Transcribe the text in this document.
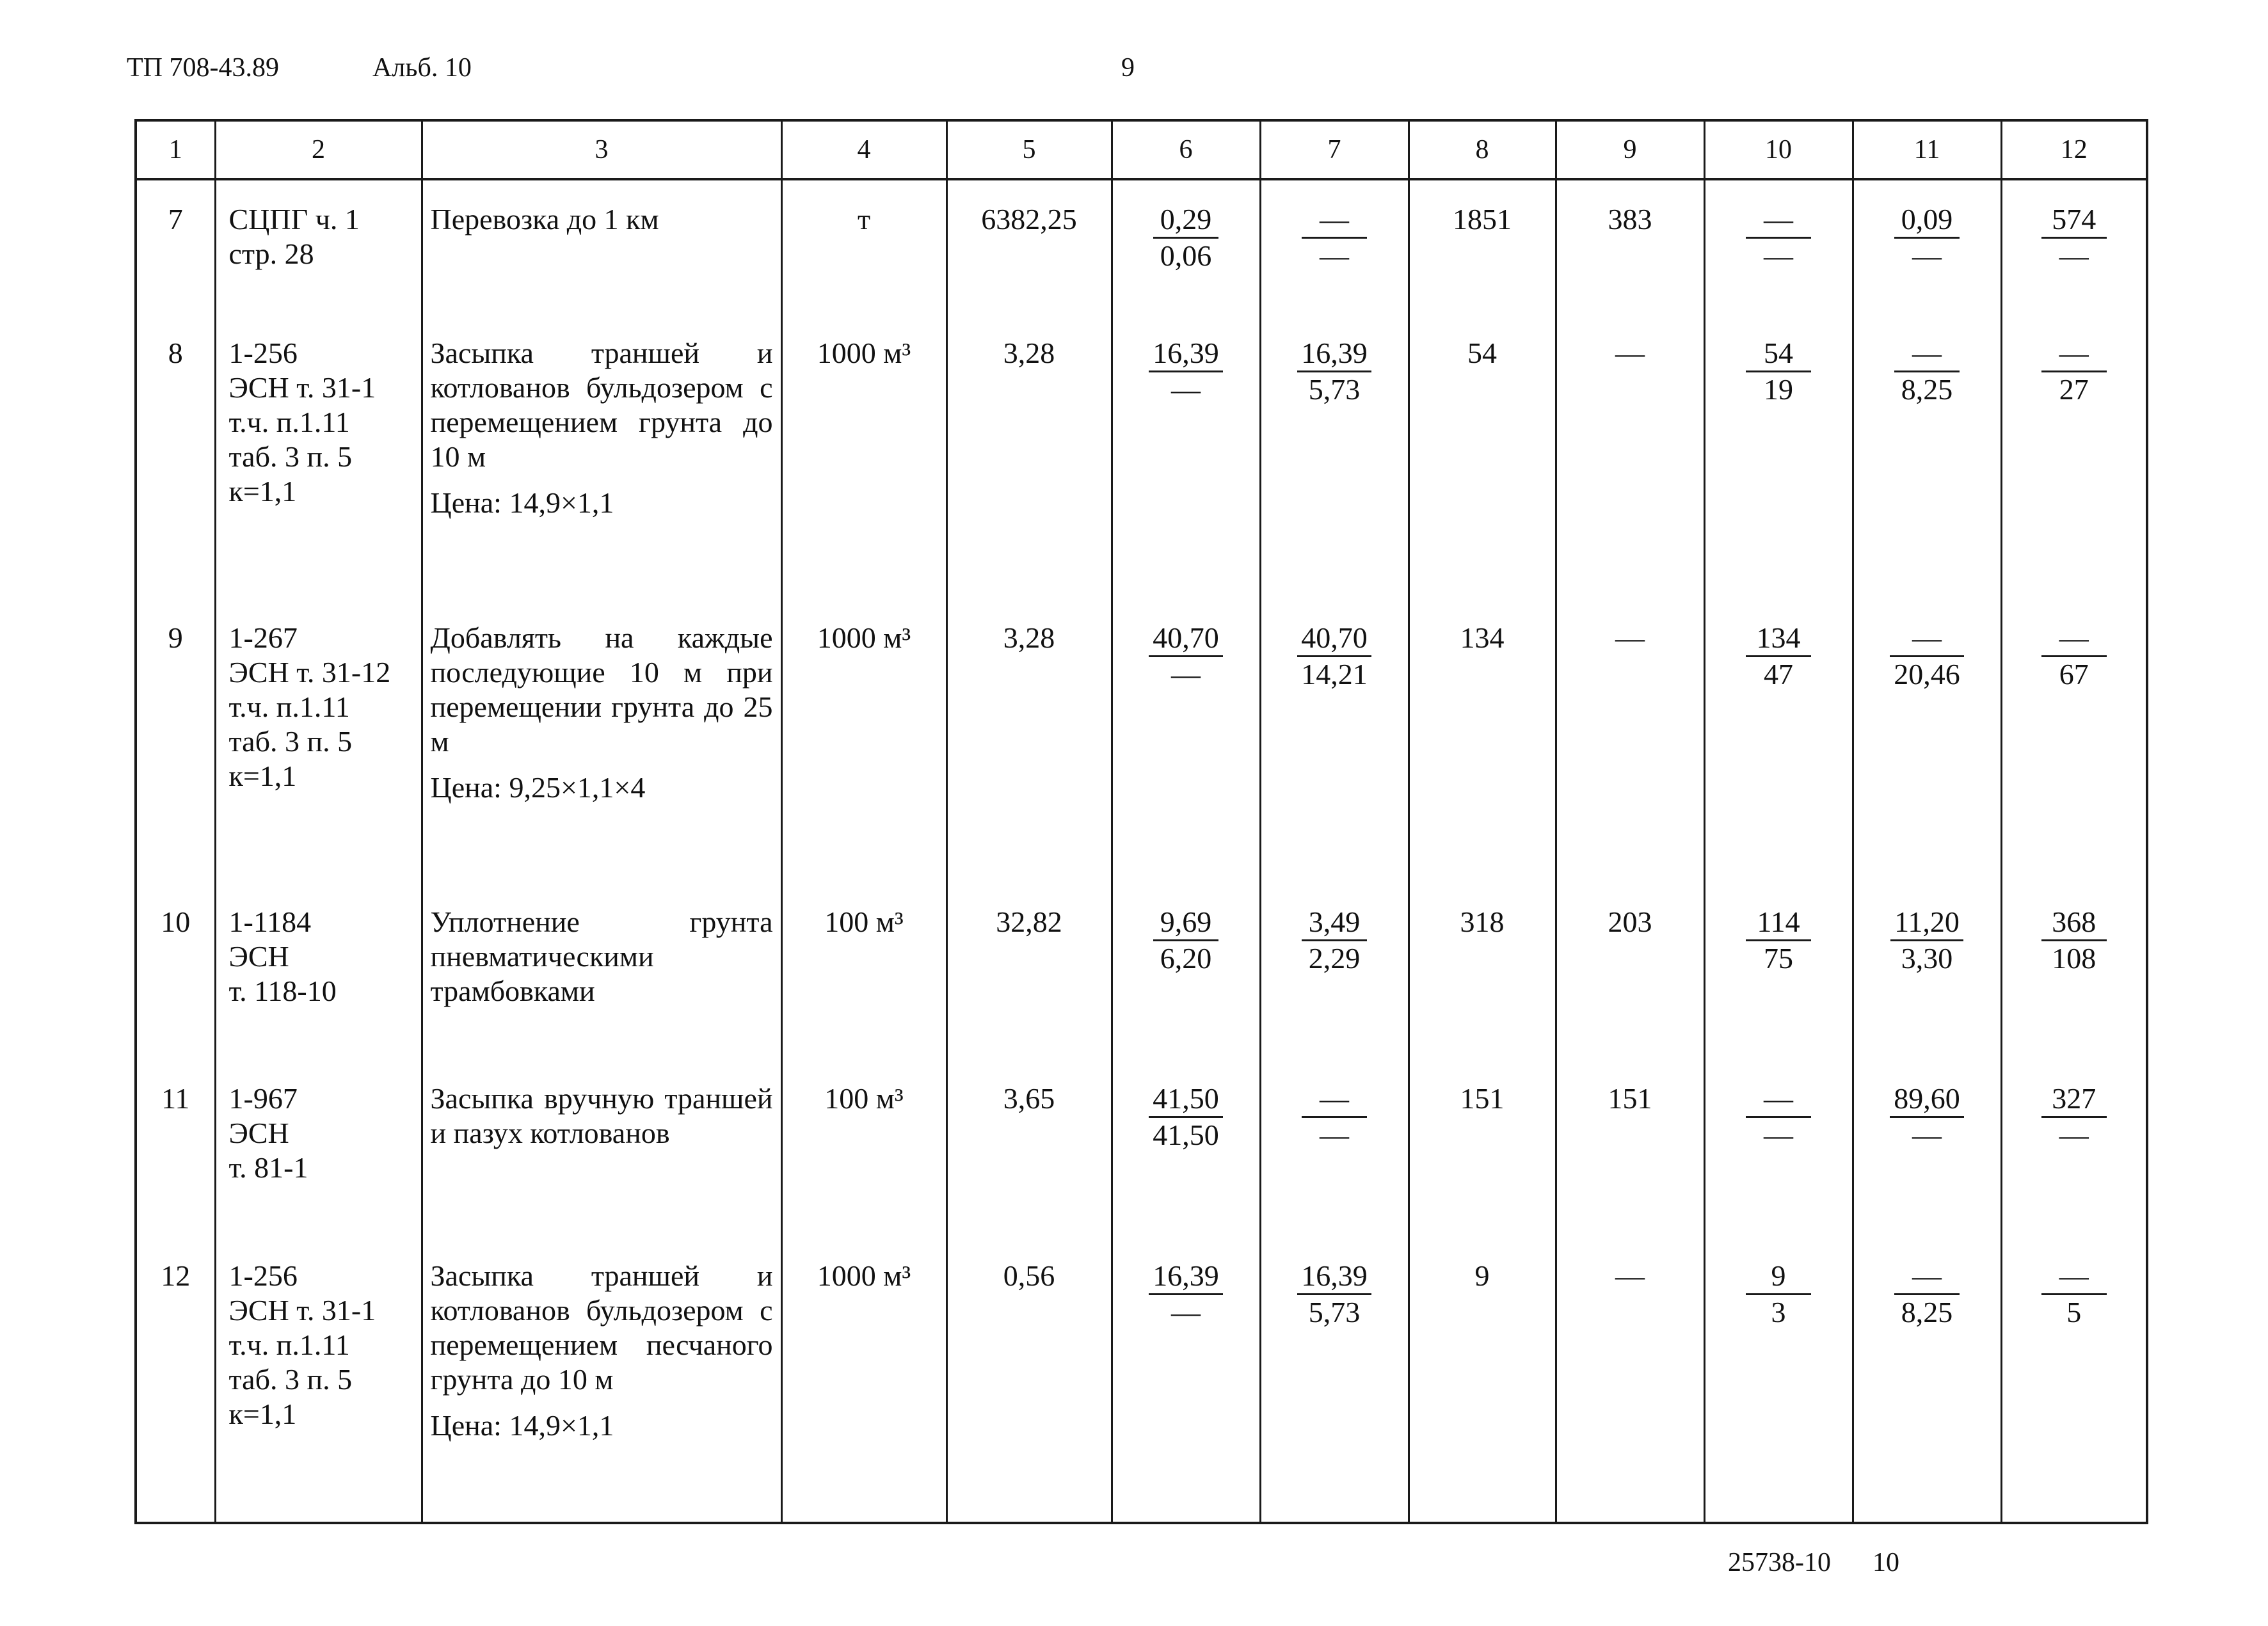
ТП 708-43.89	Альб. 10	9
1	2	3	4	5	6	7	8	9	10	11	12
7	СЦПГ ч. 1
стр. 28	Перевозка до 1 км	т	6382,25	$\frac{0,29}{0,06}$	$\frac{—}{—}$	1851	383	$\frac{—}{—}$	$\frac{0,09}{—}$	$\frac{574}{—}$

8	1-256
ЭСН т. 31-1
т.ч. п.1.11
таб. 3 п. 5
к=1,1	Засыпка траншей и котлованов бульдозером с перемещением грунта до 10 м
Цена: 14,9×1,1	1000 м³	3,28	$\frac{16,39}{—}$	$\frac{16,39}{5,73}$	54	—	$\frac{54}{19}$	$\frac{—}{8,25}$	$\frac{—}{27}$

9	1-267
ЭСН т. 31-12
т.ч. п.1.11
таб. 3 п. 5
к=1,1	Добавлять на каждые последующие 10 м при перемещении грунта до 25 м
Цена: 9,25×1,1×4	1000 м³	3,28	$\frac{40,70}{—}$	$\frac{40,70}{14,21}$	134	—	$\frac{134}{47}$	$\frac{—}{20,46}$	$\frac{—}{67}$

10	1-1184
ЭСН
т. 118-10	Уплотнение грунта пневматическими трамбовками	100 м³	32,82	$\frac{9,69}{6,20}$	$\frac{3,49}{2,29}$	318	203	$\frac{114}{75}$	$\frac{11,20}{3,30}$	$\frac{368}{108}$

11	1-967
ЭСН
т. 81-1	Засыпка вручную траншей и пазух котлованов	100 м³	3,65	$\frac{41,50}{41,50}$	$\frac{—}{—}$	151	151	$\frac{—}{—}$	$\frac{89,60}{—}$	$\frac{327}{—}$

12	1-256
ЭСН т. 31-1
т.ч. п.1.11
таб. 3 п. 5
к=1,1	Засыпка траншей и котлованов бульдозером с перемещением песчаного грунта до 10 м
Цена: 14,9×1,1	1000 м³	0,56	$\frac{16,39}{—}$	$\frac{16,39}{5,73}$	9	—	$\frac{9}{3}$	$\frac{—}{8,25}$	$\frac{—}{5}$

25738-10 10
